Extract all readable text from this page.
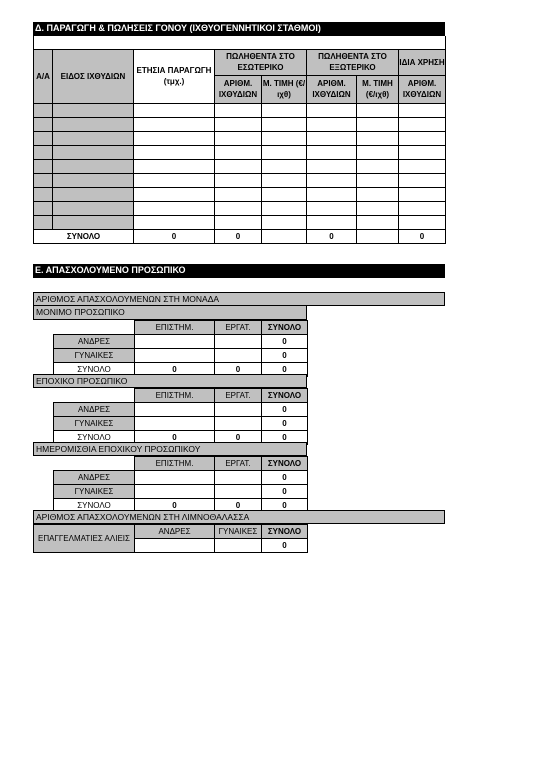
Δ. ΠΑΡΑΓΩΓΗ & ΠΩΛΗΣΕΙΣ ΓΟΝΟΥ (ΙΧΘΥΟΓΕΝΝΗΤΙΚΟΙ ΣΤΑΘΜΟΙ)

Α/Α	ΕΙΔΟΣ ΙΧΘΥΔΙΩΝ	ΕΤΗΣΙΑ ΠΑΡΑΓΩΓΗ (τμχ.)	ΠΩΛΗΘΕΝΤΑ ΣΤΟ ΕΣΩΤΕΡΙΚΟ		ΠΩΛΗΘΕΝΤΑ ΣΤΟ ΕΞΩΤΕΡΙΚΟ		ΙΔΙΑ ΧΡΗΣΗ
			ΑΡΙΘΜ. ΙΧΘΥΔΙΩΝ	Μ. ΤΙΜΗ (€/ιχθ)	ΑΡΙΘΜ. ΙΧΘΥΔΙΩΝ	Μ. ΤΙΜΗ (€/ιχθ)	ΑΡΙΘΜ. ΙΧΘΥΔΙΩΝ

ΣΥΝΟΛΟ		0	0		0		0
Ε. ΑΠΑΣΧΟΛΟΥΜΕΝΟ ΠΡΟΣΩΠΙΚΟ
ΑΡΙΘΜΟΣ ΑΠΑΣΧΟΛΟΥΜΕΝΩΝ ΣΤΗ ΜΟΝΑΔΑ
ΜΟΝΙΜΟ ΠΡΟΣΩΠΙΚΟ
	ΕΠΙΣΤΗΜ.	ΕΡΓΑΤ.	ΣΥΝΟΛΟ
ΑΝΔΡΕΣ			0
ΓΥΝΑΙΚΕΣ			0
ΣΥΝΟΛΟ	0	0	0
ΕΠΟΧΙΚΟ ΠΡΟΣΩΠΙΚΟ
	ΕΠΙΣΤΗΜ.	ΕΡΓΑΤ.	ΣΥΝΟΛΟ
ΑΝΔΡΕΣ			0
ΓΥΝΑΙΚΕΣ			0
ΣΥΝΟΛΟ	0	0	0
ΗΜΕΡΟΜΙΣΘΙΑ ΕΠΟΧΙΚΟΥ ΠΡΟΣΩΠΙΚΟΥ
	ΕΠΙΣΤΗΜ.	ΕΡΓΑΤ.	ΣΥΝΟΛΟ
ΑΝΔΡΕΣ			0
ΓΥΝΑΙΚΕΣ			0
ΣΥΝΟΛΟ	0	0	0
ΑΡΙΘΜΟΣ ΑΠΑΣΧΟΛΟΥΜΕΝΩΝ ΣΤΗ ΛΙΜΝΟΘΑΛΑΣΣΑ
ΕΠΑΓΓΕΛΜΑΤΙΕΣ ΑΛΙΕΙΣ	ΑΝΔΡΕΣ	ΓΥΝΑΙΚΕΣ	ΣΥΝΟΛΟ
			0
